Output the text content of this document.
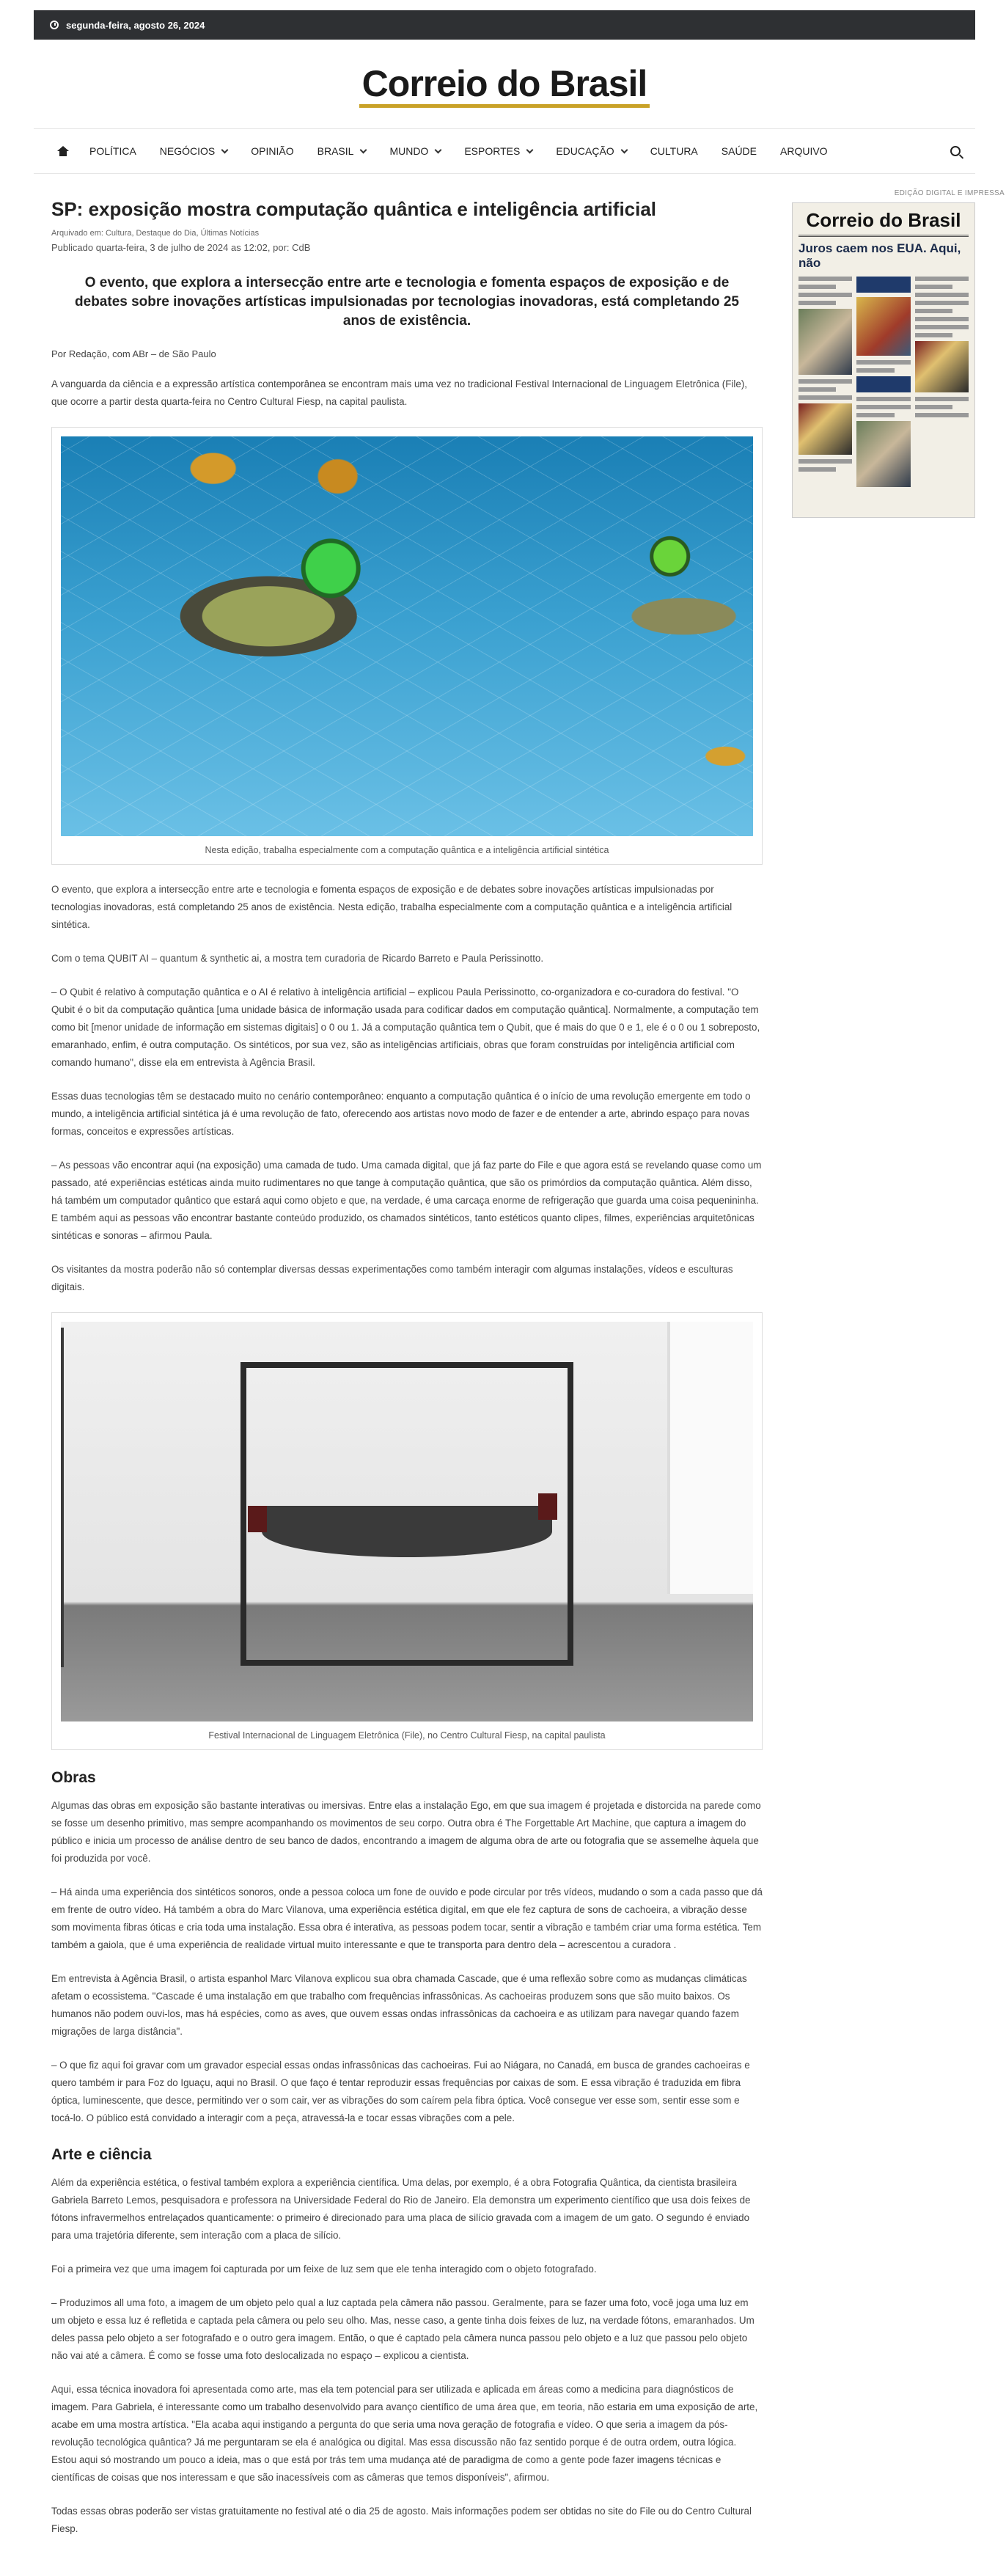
segunda-feira, agosto 26, 2024
Correio do Brasil
POLÍTICA NEGÓCIOS	OPINIÃO BRASIL	MUNDO	ESPORTES	EDUCAÇÃO	CULTURA SAÚDE ARQUIVO
EDIÇÃO DIGITAL E IMPRESSA
Correio do Brasil
Juros caem nos EUA. Aqui, não
SP: exposição mostra computação quântica e inteligência artificial
Arquivado em: Cultura, Destaque do Dia, Últimas Notícias
Publicado quarta-feira, 3 de julho de 2024 as 12:02, por: CdB
O evento, que explora a intersecção entre arte e tecnologia e fomenta espaços de exposição e de debates sobre inovações artísticas impulsionadas por tecnologias inovadoras, está completando 25 anos de existência.
Por Redação, com ABr – de São Paulo

A vanguarda da ciência e a expressão artística contemporânea se encontram mais uma vez no tradicional Festival Internacional de Linguagem Eletrônica (File), que ocorre a partir desta quarta-feira no Centro Cultural Fiesp, na capital paulista.

Nesta edição, trabalha especialmente com a computação quântica e a inteligência artificial sintética

O evento, que explora a intersecção entre arte e tecnologia e fomenta espaços de exposição e de debates sobre inovações artísticas impulsionadas por tecnologias inovadoras, está completando 25 anos de existência. Nesta edição, trabalha especialmente com a computação quântica e a inteligência artificial sintética.

Com o tema QUBIT AI – quantum & synthetic ai, a mostra tem curadoria de Ricardo Barreto e Paula Perissinotto.

– O Qubit é relativo à computação quântica e o AI é relativo à inteligência artificial – explicou Paula Perissinotto, co-organizadora e co-curadora do festival. "O Qubit é o bit da computação quântica [uma unidade básica de informação usada para codificar dados em computação quântica]. Normalmente, a computação tem como bit [menor unidade de informação em sistemas digitais] o 0 ou 1. Já a computação quântica tem o Qubit, que é mais do que 0 e 1, ele é o 0 ou 1 sobreposto, emaranhado, enfim, é outra computação. Os sintéticos, por sua vez, são as inteligências artificiais, obras que foram construídas por inteligência artificial com comando humano", disse ela em entrevista à Agência Brasil.

Essas duas tecnologias têm se destacado muito no cenário contemporâneo: enquanto a computação quântica é o início de uma revolução emergente em todo o mundo, a inteligência artificial sintética já é uma revolução de fato, oferecendo aos artistas novo modo de fazer e de entender a arte, abrindo espaço para novas formas, conceitos e expressões artísticas.

– As pessoas vão encontrar aqui (na exposição) uma camada de tudo. Uma camada digital, que já faz parte do File e que agora está se revelando quase como um passado, até experiências estéticas ainda muito rudimentares no que tange à computação quântica, que são os primórdios da computação quântica. Além disso, há também um computador quântico que estará aqui como objeto e que, na verdade, é uma carcaça enorme de refrigeração que guarda uma coisa pequenininha. E também aqui as pessoas vão encontrar bastante conteúdo produzido, os chamados sintéticos, tanto estéticos quanto clipes, filmes, experiências arquitetônicas sintéticas e sonoras – afirmou Paula.

Os visitantes da mostra poderão não só contemplar diversas dessas experimentações como também interagir com algumas instalações, vídeos e esculturas digitais.

Festival Internacional de Linguagem Eletrônica (File), no Centro Cultural Fiesp, na capital paulista
Obras

Algumas das obras em exposição são bastante interativas ou imersivas. Entre elas a instalação Ego, em que sua imagem é projetada e distorcida na parede como se fosse um desenho primitivo, mas sempre acompanhando os movimentos de seu corpo. Outra obra é The Forgettable Art Machine, que captura a imagem do público e inicia um processo de análise dentro de seu banco de dados, encontrando a imagem de alguma obra de arte ou fotografia que se assemelhe àquela que foi produzida por você.

– Há ainda uma experiência dos sintéticos sonoros, onde a pessoa coloca um fone de ouvido e pode circular por três vídeos, mudando o som a cada passo que dá em frente de outro vídeo. Há também a obra do Marc Vilanova, uma experiência estética digital, em que ele fez captura de sons de cachoeira, a vibração desse som movimenta fibras óticas e cria toda uma instalação. Essa obra é interativa, as pessoas podem tocar, sentir a vibração e também criar uma forma estética. Tem também a gaiola, que é uma experiência de realidade virtual muito interessante e que te transporta para dentro dela – acrescentou a curadora .

Em entrevista à Agência Brasil, o artista espanhol Marc Vilanova explicou sua obra chamada Cascade, que é uma reflexão sobre como as mudanças climáticas afetam o ecossistema. "Cascade é uma instalação em que trabalho com frequências infrassônicas. As cachoeiras produzem sons que são muito baixos. Os humanos não podem ouvi-los, mas há espécies, como as aves, que ouvem essas ondas infrassônicas da cachoeira e as utilizam para navegar quando fazem migrações de larga distância".

– O que fiz aqui foi gravar com um gravador especial essas ondas infrassônicas das cachoeiras. Fui ao Niágara, no Canadá, em busca de grandes cachoeiras e quero também ir para Foz do Iguaçu, aqui no Brasil. O que faço é tentar reproduzir essas frequências por caixas de som. E essa vibração é traduzida em fibra óptica, luminescente, que desce, permitindo ver o som cair, ver as vibrações do som caírem pela fibra óptica. Você consegue ver esse som, sentir esse som e tocá-lo. O público está convidado a interagir com a peça, atravessá-la e tocar essas vibrações com a pele.

Arte e ciência

Além da experiência estética, o festival também explora a experiência científica. Uma delas, por exemplo, é a obra Fotografia Quântica, da cientista brasileira Gabriela Barreto Lemos, pesquisadora e professora na Universidade Federal do Rio de Janeiro. Ela demonstra um experimento científico que usa dois feixes de fótons infravermelhos entrelaçados quanticamente: o primeiro é direcionado para uma placa de silício gravada com a imagem de um gato. O segundo é enviado para uma trajetória diferente, sem interação com a placa de silício.

Foi a primeira vez que uma imagem foi capturada por um feixe de luz sem que ele tenha interagido com o objeto fotografado.

– Produzimos all uma foto, a imagem de um objeto pelo qual a luz captada pela câmera não passou. Geralmente, para se fazer uma foto, você joga uma luz em um objeto e essa luz é refletida e captada pela câmera ou pelo seu olho. Mas, nesse caso, a gente tinha dois feixes de luz, na verdade fótons, emaranhados. Um deles passa pelo objeto a ser fotografado e o outro gera imagem. Então, o que é captado pela câmera nunca passou pelo objeto e a luz que passou pelo objeto não vai até a câmera. É como se fosse uma foto deslocalizada no espaço – explicou a cientista.

Aqui, essa técnica inovadora foi apresentada como arte, mas ela tem potencial para ser utilizada e aplicada em áreas como a medicina para diagnósticos de imagem. Para Gabriela, é interessante como um trabalho desenvolvido para avanço científico de uma área que, em teoria, não estaria em uma exposição de arte, acabe em uma mostra artística. "Ela acaba aqui instigando a pergunta do que seria uma nova geração de fotografia e vídeo. O que seria a imagem da pós-revolução tecnológica quântica? Já me perguntaram se ela é analógica ou digital. Mas essa discussão não faz sentido porque é de outra ordem, outra lógica. Estou aqui só mostrando um pouco a ideia, mas o que está por trás tem uma mudança até de paradigma de como a gente pode fazer imagens técnicas e científicas de coisas que nos interessam e que são inacessíveis com as câmeras que temos disponíveis", afirmou.

Todas essas obras poderão ser vistas gratuitamente no festival até o dia 25 de agosto. Mais informações podem ser obtidas no site do File ou do Centro Cultural Fiesp.
